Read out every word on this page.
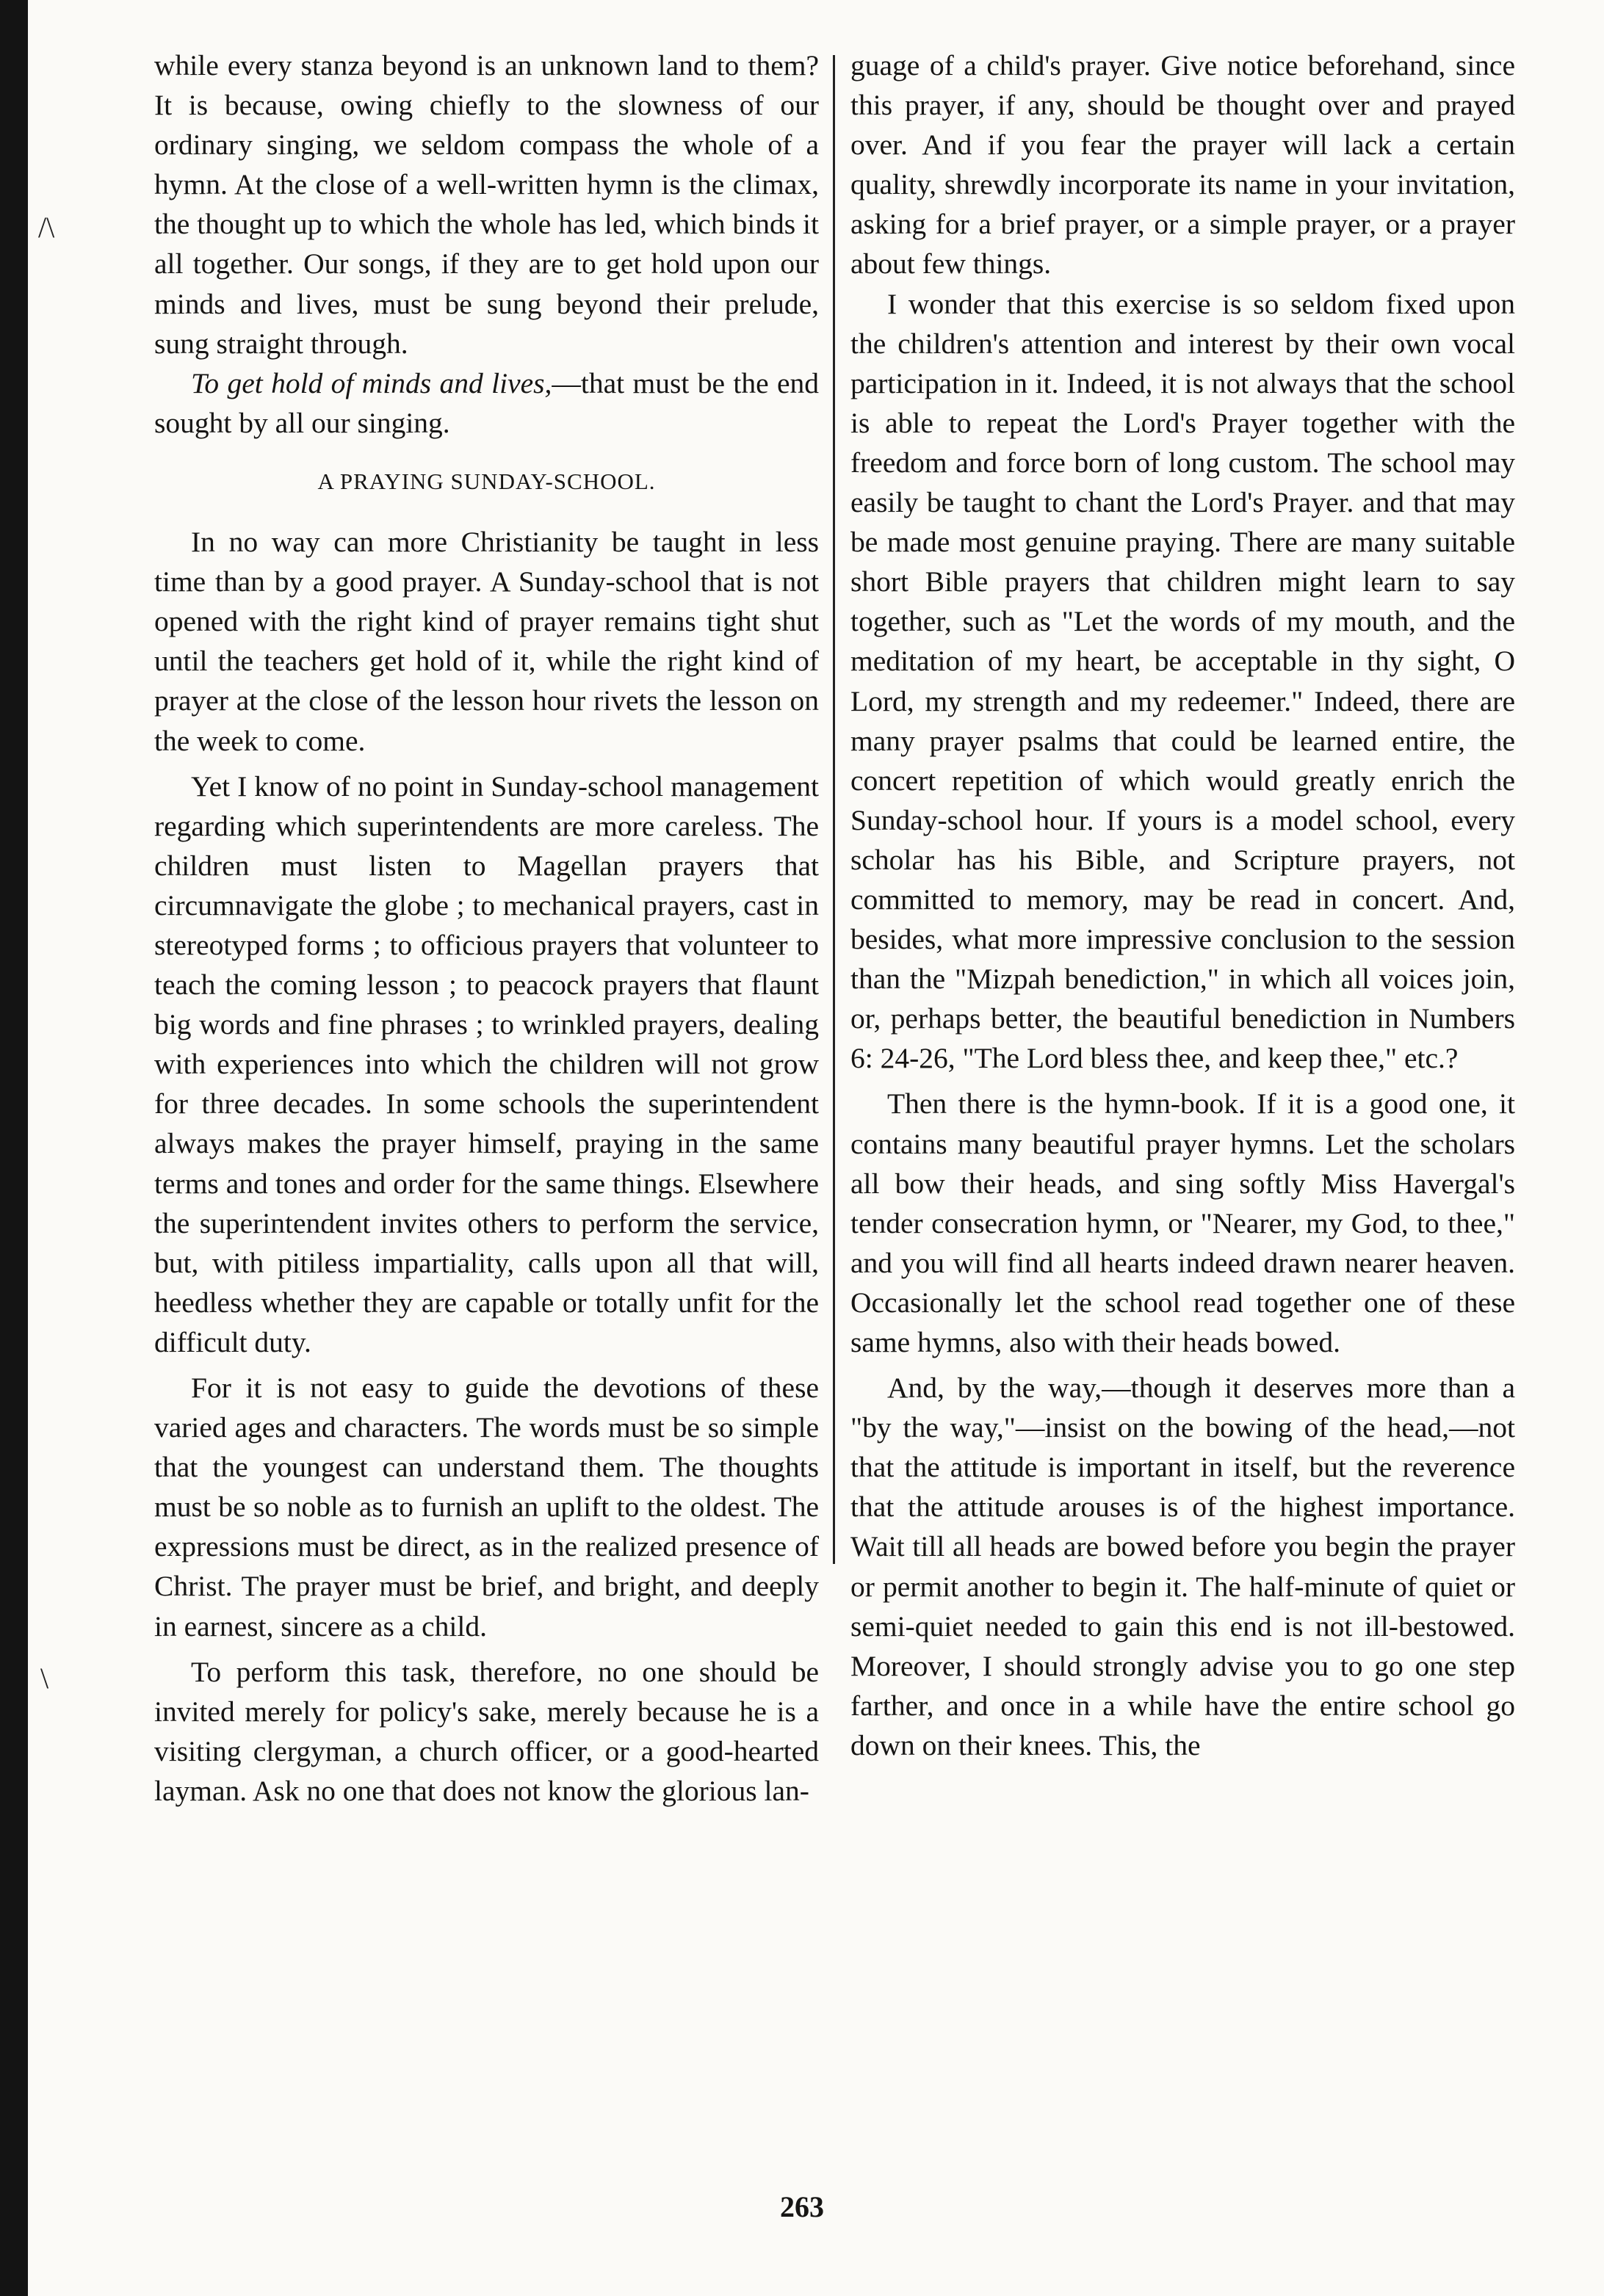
/\
\

while every stanza beyond is an unknown land to them? It is because, owing chiefly to the slowness of our ordinary singing, we seldom compass the whole of a hymn. At the close of a well-written hymn is the climax, the thought up to which the whole has led, which binds it all together. Our songs, if they are to get hold upon our minds and lives, must be sung beyond their prelude, sung straight through.

To get hold of minds and lives,—that must be the end sought by all our singing.

A PRAYING SUNDAY-SCHOOL.

In no way can more Christianity be taught in less time than by a good prayer. A Sunday-school that is not opened with the right kind of prayer remains tight shut until the teachers get hold of it, while the right kind of prayer at the close of the lesson hour rivets the lesson on the week to come.

Yet I know of no point in Sunday-school management regarding which superintendents are more careless. The children must listen to Magellan prayers that circumnavigate the globe ; to mechanical prayers, cast in stereotyped forms ; to officious prayers that volunteer to teach the coming lesson ; to peacock prayers that flaunt big words and fine phrases ; to wrinkled prayers, dealing with experiences into which the children will not grow for three decades. In some schools the superintendent always makes the prayer himself, praying in the same terms and tones and order for the same things. Elsewhere the superintendent invites others to perform the service, but, with pitiless impartiality, calls upon all that will, heedless whether they are capable or totally unfit for the difficult duty.

For it is not easy to guide the devotions of these varied ages and characters. The words must be so simple that the youngest can understand them. The thoughts must be so noble as to furnish an uplift to the oldest. The expressions must be direct, as in the realized presence of Christ. The prayer must be brief, and bright, and deeply in earnest, sincere as a child.

To perform this task, therefore, no one should be invited merely for policy's sake, merely because he is a visiting clergyman, a church officer, or a good-hearted layman. Ask no one that does not know the glorious lan-

guage of a child's prayer. Give notice beforehand, since this prayer, if any, should be thought over and prayed over. And if you fear the prayer will lack a certain quality, shrewdly incorporate its name in your invitation, asking for a brief prayer, or a simple prayer, or a prayer about few things.

I wonder that this exercise is so seldom fixed upon the children's attention and interest by their own vocal participation in it. Indeed, it is not always that the school is able to repeat the Lord's Prayer together with the freedom and force born of long custom. The school may easily be taught to chant the Lord's Prayer. and that may be made most genuine praying. There are many suitable short Bible prayers that children might learn to say together, such as "Let the words of my mouth, and the meditation of my heart, be acceptable in thy sight, O Lord, my strength and my redeemer." Indeed, there are many prayer psalms that could be learned entire, the concert repetition of which would greatly enrich the Sunday-school hour. If yours is a model school, every scholar has his Bible, and Scripture prayers, not committed to memory, may be read in concert. And, besides, what more impressive conclusion to the session than the "Mizpah benediction," in which all voices join, or, perhaps better, the beautiful benediction in Numbers 6: 24-26, "The Lord bless thee, and keep thee," etc.?

Then there is the hymn-book. If it is a good one, it contains many beautiful prayer hymns. Let the scholars all bow their heads, and sing softly Miss Havergal's tender consecration hymn, or "Nearer, my God, to thee," and you will find all hearts indeed drawn nearer heaven. Occasionally let the school read together one of these same hymns, also with their heads bowed.

And, by the way,—though it deserves more than a "by the way,"—insist on the bowing of the head,—not that the attitude is important in itself, but the reverence that the attitude arouses is of the highest importance. Wait till all heads are bowed before you begin the prayer or permit another to begin it. The half-minute of quiet or semi-quiet needed to gain this end is not ill-bestowed. Moreover, I should strongly advise you to go one step farther, and once in a while have the entire school go down on their knees. This, the

263
